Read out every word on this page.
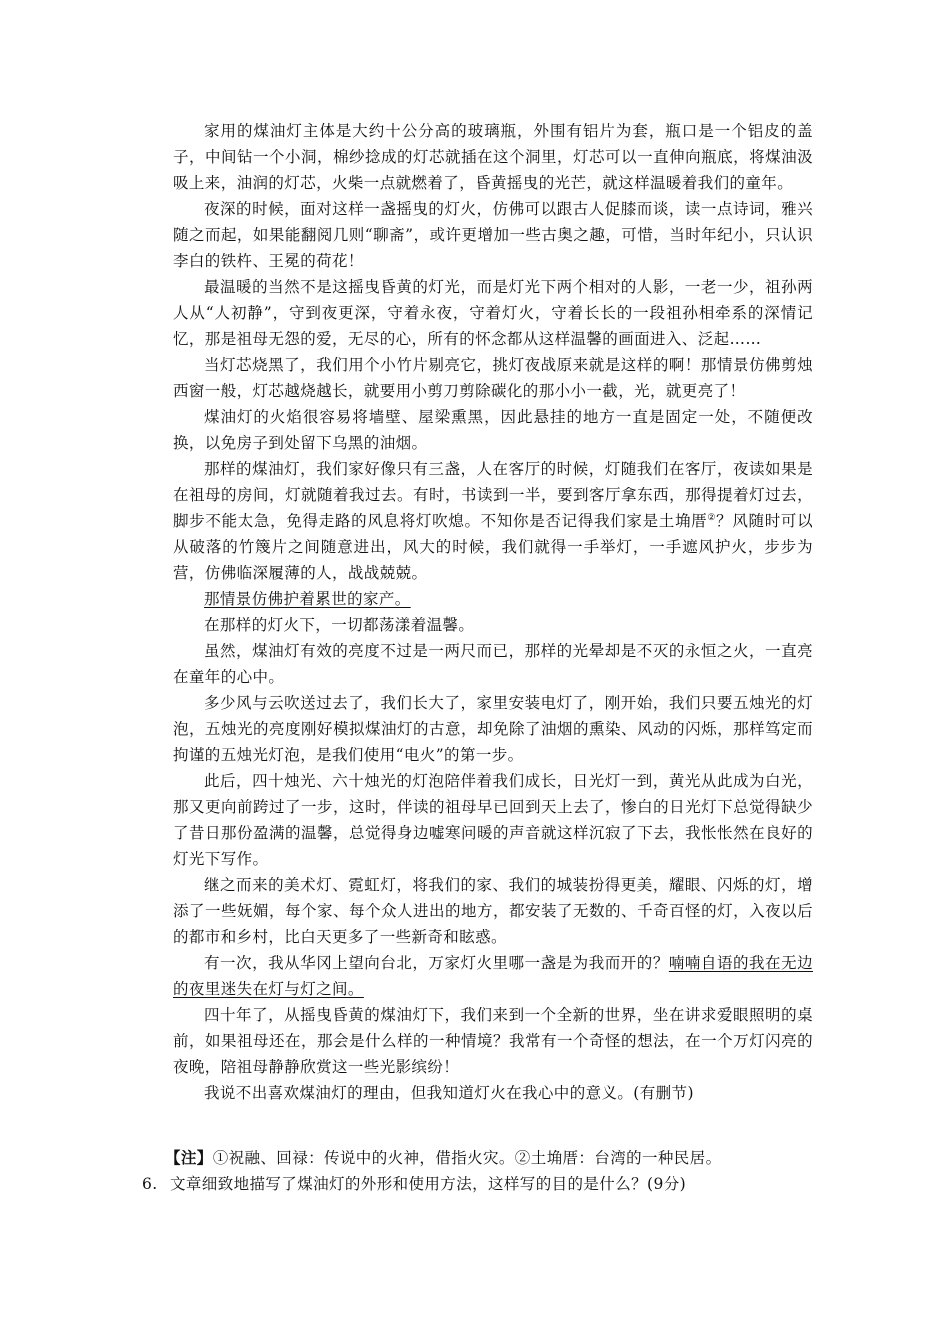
家用的煤油灯主体是大约十公分高的玻璃瓶，外围有铝片为套，瓶口是一个铝皮的盖子，中间钻一个小洞，棉纱捻成的灯芯就插在这个洞里，灯芯可以一直伸向瓶底，将煤油汲吸上来，油润的灯芯，火柴一点就燃着了，昏黄摇曳的光芒，就这样温暖着我们的童年。

夜深的时候，面对这样一盏摇曳的灯火，仿佛可以跟古人促膝而谈，读一点诗词，雅兴随之而起，如果能翻阅几则“聊斋”，或许更增加一些古奥之趣，可惜，当时年纪小，只认识李白的铁杵、王冕的荷花！

最温暖的当然不是这摇曳昏黄的灯光，而是灯光下两个相对的人影，一老一少，祖孙两人从“人初静”，守到夜更深，守着永夜，守着灯火，守着长长的一段祖孙相牵系的深情记忆，那是祖母无怨的爱，无尽的心，所有的怀念都从这样温馨的画面进入、泛起……

当灯芯烧黑了，我们用个小竹片剔亮它，挑灯夜战原来就是这样的啊！那情景仿佛剪烛西窗一般，灯芯越烧越长，就要用小剪刀剪除碳化的那小小一截，光，就更亮了！

煤油灯的火焰很容易将墙壁、屋梁熏黑，因此悬挂的地方一直是固定一处，不随便改换，以免房子到处留下乌黑的油烟。

那样的煤油灯，我们家好像只有三盏，人在客厅的时候，灯随我们在客厅，夜读如果是在祖母的房间，灯就随着我过去。有时，书读到一半，要到客厅拿东西，那得提着灯过去，脚步不能太急，免得走路的风息将灯吹熄。不知你是否记得我们家是土埆厝②？风随时可以从破落的竹篾片之间随意进出，风大的时候，我们就得一手举灯，一手遮风护火，步步为营，仿佛临深履薄的人，战战兢兢。

那情景仿佛护着累世的家产。

在那样的灯火下，一切都荡漾着温馨。

虽然，煤油灯有效的亮度不过是一两尺而已，那样的光晕却是不灭的永恒之火，一直亮在童年的心中。

多少风与云吹送过去了，我们长大了，家里安装电灯了，刚开始，我们只要五烛光的灯泡，五烛光的亮度刚好模拟煤油灯的古意，却免除了油烟的熏染、风动的闪烁，那样笃定而拘谨的五烛光灯泡，是我们使用“电火”的第一步。

此后，四十烛光、六十烛光的灯泡陪伴着我们成长，日光灯一到，黄光从此成为白光，那又更向前跨过了一步，这时，伴读的祖母早已回到天上去了，惨白的日光灯下总觉得缺少了昔日那份盈满的温馨，总觉得身边嘘寒问暖的声音就这样沉寂了下去，我怅怅然在良好的灯光下写作。

继之而来的美术灯、霓虹灯，将我们的家、我们的城装扮得更美，耀眼、闪烁的灯，增添了一些妩媚，每个家、每个众人进出的地方，都安装了无数的、千奇百怪的灯，入夜以后的都市和乡村，比白天更多了一些新奇和眩惑。

有一次，我从华冈上望向台北，万家灯火里哪一盏是为我而开的？喃喃自语的我在无边的夜里迷失在灯与灯之间。

四十年了，从摇曳昏黄的煤油灯下，我们来到一个全新的世界，坐在讲求爱眼照明的桌前，如果祖母还在，那会是什么样的一种情境？我常有一个奇怪的想法，在一个万灯闪亮的夜晚，陪祖母静静欣赏这一些光影缤纷！

我说不出喜欢煤油灯的理由，但我知道灯火在我心中的意义。(有删节)

【注】①祝融、回禄：传说中的火神，借指火灾。②土埆厝：台湾的一种民居。
6. 文章细致地描写了煤油灯的外形和使用方法，这样写的目的是什么？(9分)
